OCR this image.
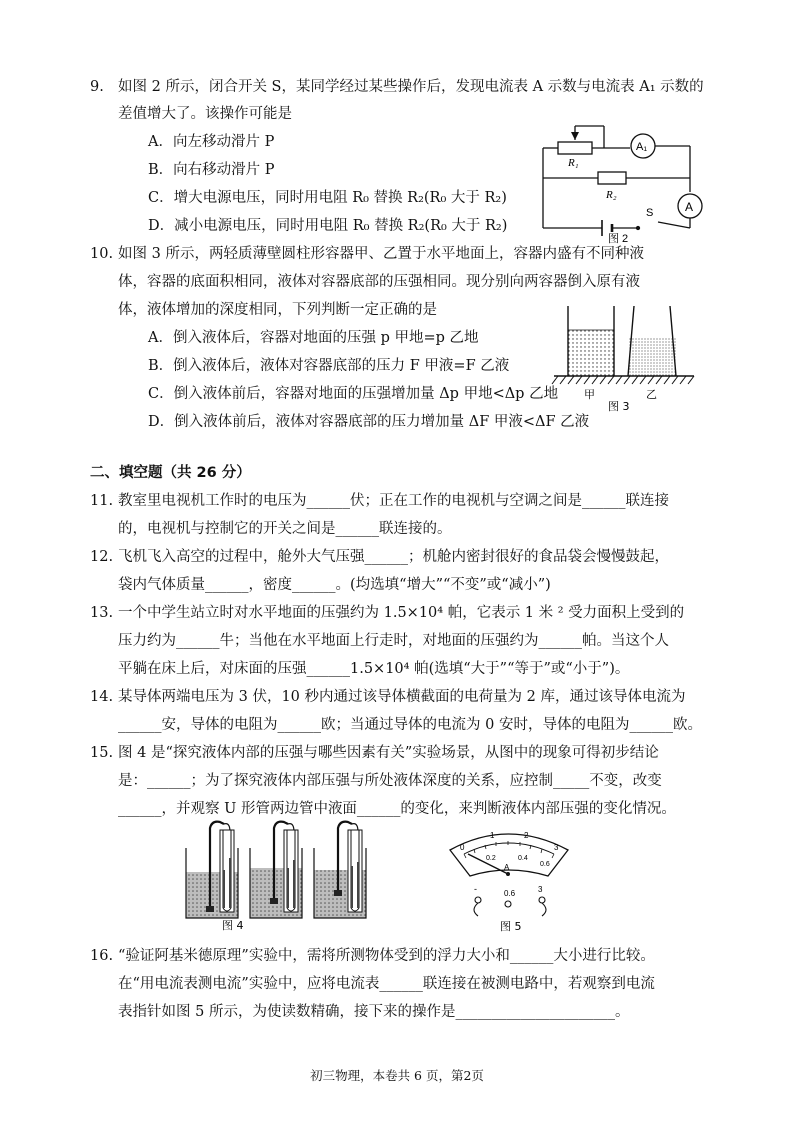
9. 如图 2 所示，闭合开关 S，某同学经过某些操作后，发现电流表 A 示数与电流表 A₁ 示数的
差值增大了。该操作可能是
A．向左移动滑片 P
B．向右移动滑片 P
C．增大电源电压，同时用电阻 R₀ 替换 R₂(R₀ 大于 R₂)
D．减小电源电压，同时用电阻 R₀ 替换 R₂(R₀ 大于 R₂)
R₁
R₂
A₁
A
S
图 2
10. 如图 3 所示，两轻质薄壁圆柱形容器甲、乙置于水平地面上，容器内盛有不同种液
体，容器的底面积相同，液体对容器底部的压强相同。现分别向两容器倒入原有液
体，液体增加的深度相同，下列判断一定正确的是
A．倒入液体后，容器对地面的压强 p 甲地=p 乙地
B．倒入液体后，液体对容器底部的压力 F 甲液=F 乙液
C．倒入液体前后，容器对地面的压强增加量 Δp 甲地<Δp 乙地
D．倒入液体前后，液体对容器底部的压力增加量 ΔF 甲液<ΔF 乙液
甲	乙
图 3
二、填空题（共 26 分）
11. 教室里电视机工作时的电压为______伏；正在工作的电视机与空调之间是______联连接
的，电视机与控制它的开关之间是______联连接的。
12. 飞机飞入高空的过程中，舱外大气压强______；机舱内密封很好的食品袋会慢慢鼓起，
袋内气体质量______，密度______。(均选填“增大”“不变”或“减小”)
13. 一个中学生站立时对水平地面的压强约为 1.5×10⁴ 帕，它表示 1 米 ² 受力面积上受到的
压力约为______牛；当他在水平地面上行走时，对地面的压强约为______帕。当这个人
平躺在床上后，对床面的压强______1.5×10⁴ 帕(选填“大于”“等于”或“小于”)。
14. 某导体两端电压为 3 伏，10 秒内通过该导体横截面的电荷量为 2 库，通过该导体电流为
______安，导体的电阻为______欧；当通过导体的电流为 0 安时，导体的电阻为______欧。
15. 图 4 是“探究液体内部的压强与哪些因素有关”实验场景，从图中的现象可得初步结论
是：______；为了探究液体内部压强与所处液体深度的关系，应控制_____不变，改变
______，并观察 U 形管两边管中液面______的变化，来判断液体内部压强的变化情况。
图 4
0
1	2
3
0.2	0.4
0.6
A
-	0.6	3
图 5
16. “验证阿基米德原理”实验中，需将所测物体受到的浮力大小和______大小进行比较。
在“用电流表测电流”实验中，应将电流表______联连接在被测电路中，若观察到电流
表指针如图 5 所示，为使读数精确，接下来的操作是______________________。
初三物理，本卷共 6 页，第2页
